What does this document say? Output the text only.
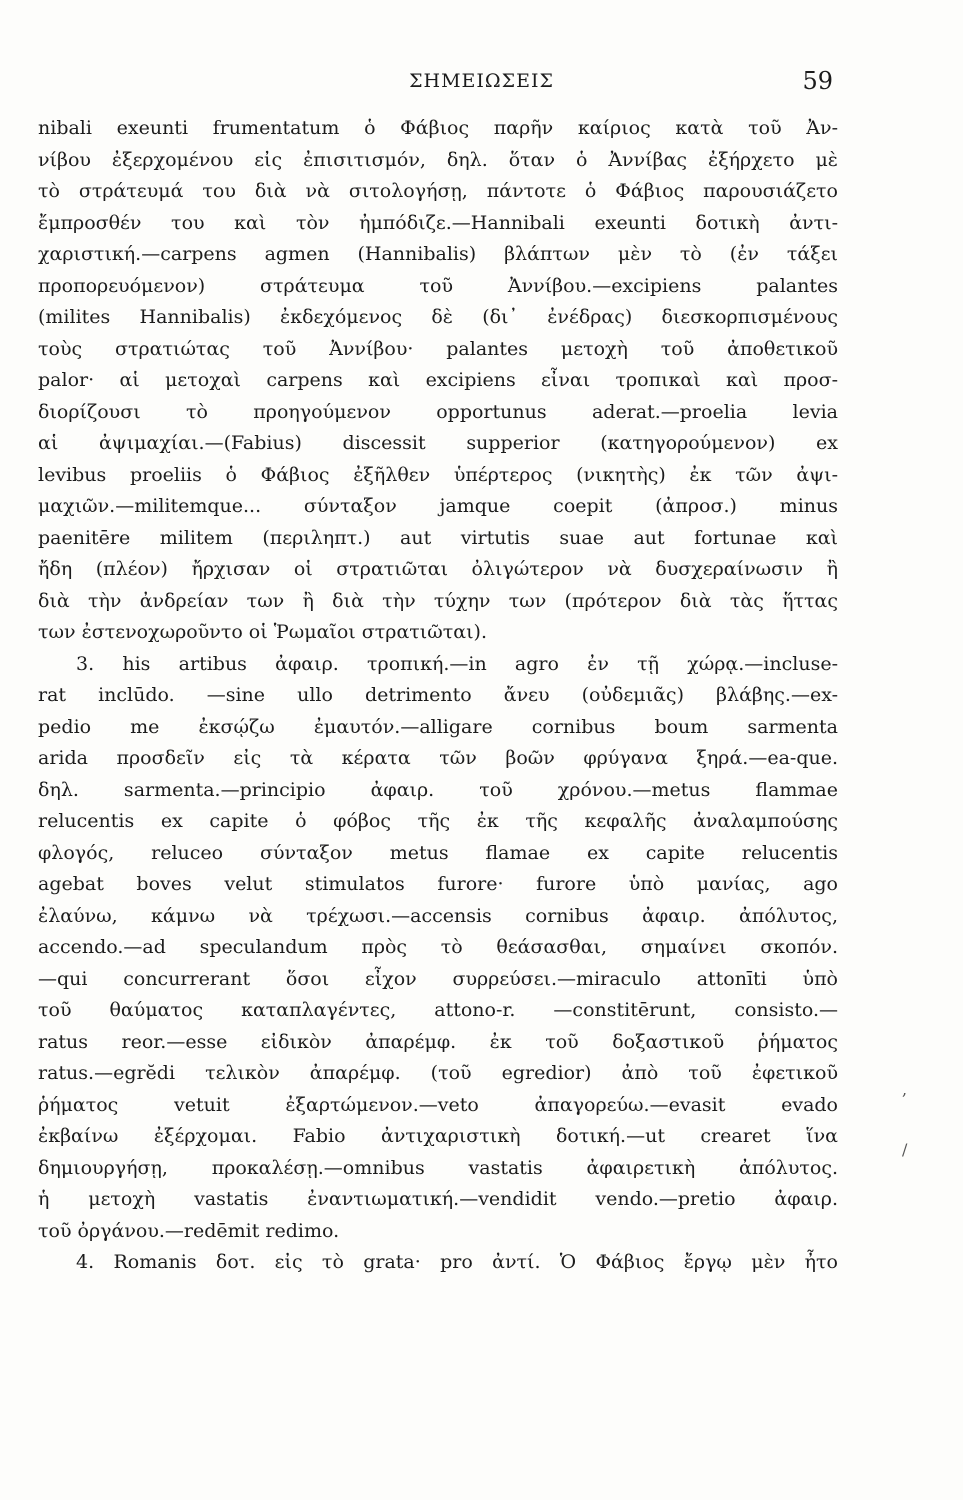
ΣΗΜΕΙΩΣΕΙΣ	59
nibali exeunti frumentatum ὁ Φάβιος παρῆν καίριος κατὰ τοῦ Ἀν-
νίβου ἐξερχομένου εἰς ἐπισιτισμόν, δηλ. ὅταν ὁ Ἀννίβας ἐξήρχετο μὲ
τὸ στράτευμά του διὰ νὰ σιτολογήσῃ, πάντοτε ὁ Φάβιος παρουσιάζετο
ἔμπροσθέν του καὶ τὸν ἠμπόδιζε.—Hannibali exeunti δοτικὴ ἀντι-
χαριστική.—carpens agmen (Hannibalis) βλάπτων μὲν τὸ (ἐν τάξει
προπορευόμενον) στράτευμα τοῦ Ἀννίβου.—excipiens palantes
(milites Hannibalis) ἐκδεχόμενος δὲ (δι᾽ ἐνέδρας) διεσκορπισμένους
τοὺς στρατιώτας τοῦ Ἀννίβου· palantes μετοχὴ τοῦ ἀποθετικοῦ
palor· αἱ μετοχαὶ carpens καὶ excipiens εἶναι τροπικαὶ καὶ προσ-
διορίζουσι τὸ προηγούμενον opportunus aderat.—proelia levia
αἱ ἀψιμαχίαι.—(Fabius) discessit supperior (κατηγορούμενον) ex
levibus proeliis ὁ Φάβιος ἐξῆλθεν ὑπέρτερος (νικητὴς) ἐκ τῶν ἀψι-
μαχιῶν.—militemque... σύνταξον jamque coepit (ἀπροσ.) minus
paenitēre militem (περιληπτ.) aut virtutis suae aut fortunae καὶ
ἤδη (πλέον) ἤρχισαν οἱ στρατιῶται ὀλιγώτερον νὰ δυσχεραίνωσιν ἢ
διὰ τὴν ἀνδρείαν των ἢ διὰ τὴν τύχην των (πρότερον διὰ τὰς ἥττας
των ἐστενοχωροῦντο οἱ Ῥωμαῖοι στρατιῶται).
3. his artibus ἀφαιρ. τροπική.—in agro ἐν τῇ χώρᾳ.—incluse-
rat inclūdo. —sine ullo detrimento ἄνευ (οὐδεμιᾶς) βλάβης.—ex-
pedio me ἐκσῴζω ἐμαυτόν.—alligare cornibus boum sarmenta
arida προσδεῖν εἰς τὰ κέρατα τῶν βοῶν φρύγανα ξηρά.—ea-que.
δηλ. sarmenta.—principio ἀφαιρ. τοῦ χρόνου.—metus flammae
relucentis ex capite ὁ φόβος τῆς ἐκ τῆς κεφαλῆς ἀναλαμπούσης
φλογός, reluceo σύνταξον metus flamae ex capite relucentis
agebat boves velut stimulatos furore· furore ὑπὸ μανίας, ago
ἐλαύνω, κάμνω νὰ τρέχωσι.—accensis cornibus ἀφαιρ. ἀπόλυτος,
accendo.—ad speculandum πρὸς τὸ θεάσασθαι, σημαίνει σκοπόν.
—qui concurrerant ὅσοι εἶχον συρρεύσει.—miraculo attonīti ὑπὸ
τοῦ θαύματος καταπλαγέντες, attono-r. —constitērunt, consisto.—
ratus reor.—esse εἰδικὸν ἀπαρέμφ. ἐκ τοῦ δοξαστικοῦ ῥήματος
ratus.—egrĕdi τελικὸν ἀπαρέμφ. (τοῦ egredior) ἀπὸ τοῦ ἐφετικοῦ
ῥήματος vetuit ἐξαρτώμενον.—veto ἀπαγορεύω.—evasit evado
ἐκβαίνω ἐξέρχομαι. Fabio ἀντιχαριστικὴ δοτική.—ut crearet ἵνα
δημιουργήσῃ, προκαλέσῃ.—omnibus vastatis ἀφαιρετικὴ ἀπόλυτος.
ἡ μετοχὴ vastatis ἐναντιωματική.—vendidit vendo.—pretio ἀφαιρ.
τοῦ ὀργάνου.—redēmit redimo.
4. Romanis δοτ. εἰς τὸ grata· pro ἀντί. Ὁ Φάβιος ἔργῳ μὲν ἦτο
,
/
